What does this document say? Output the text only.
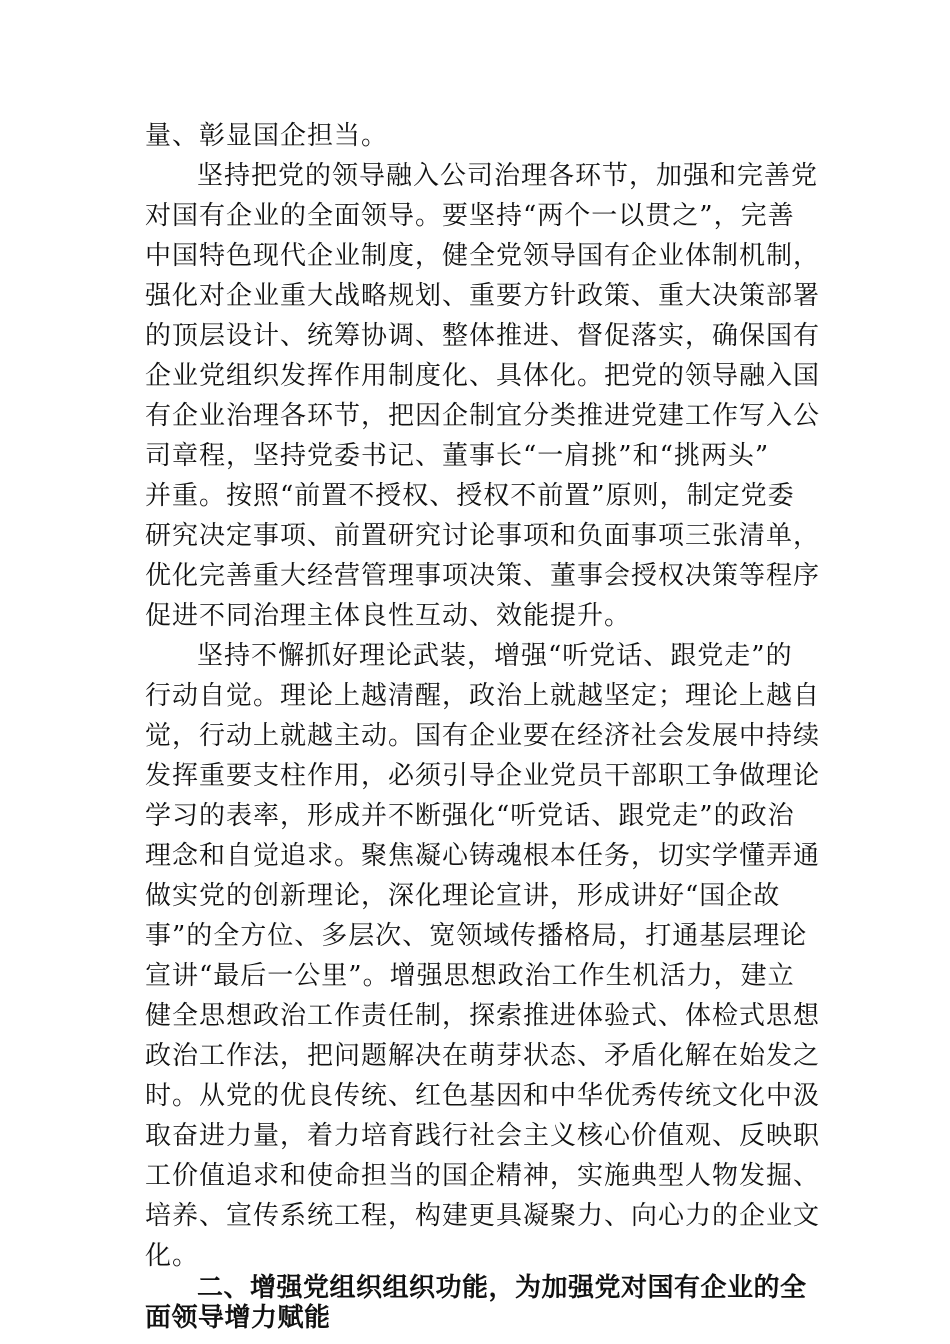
量、彰显国企担当。
坚持把党的领导融入公司治理各环节，加强和完善党
对国有企业的全面领导。要坚持“两个一以贯之”，完善
中国特色现代企业制度，健全党领导国有企业体制机制，
强化对企业重大战略规划、重要方针政策、重大决策部署
的顶层设计、统筹协调、整体推进、督促落实，确保国有
企业党组织发挥作用制度化、具体化。把党的领导融入国
有企业治理各环节，把因企制宜分类推进党建工作写入公
司章程，坚持党委书记、董事长“一肩挑”和“挑两头”
并重。按照“前置不授权、授权不前置”原则，制定党委
研究决定事项、前置研究讨论事项和负面事项三张清单，
优化完善重大经营管理事项决策、董事会授权决策等程序
促进不同治理主体良性互动、效能提升。
坚持不懈抓好理论武装，增强“听党话、跟党走”的
行动自觉。理论上越清醒，政治上就越坚定；理论上越自
觉，行动上就越主动。国有企业要在经济社会发展中持续
发挥重要支柱作用，必须引导企业党员干部职工争做理论
学习的表率，形成并不断强化“听党话、跟党走”的政治
理念和自觉追求。聚焦凝心铸魂根本任务，切实学懂弄通
做实党的创新理论，深化理论宣讲，形成讲好“国企故
事”的全方位、多层次、宽领域传播格局，打通基层理论
宣讲“最后一公里”。增强思想政治工作生机活力，建立
健全思想政治工作责任制，探索推进体验式、体检式思想
政治工作法，把问题解决在萌芽状态、矛盾化解在始发之
时。从党的优良传统、红色基因和中华优秀传统文化中汲
取奋进力量，着力培育践行社会主义核心价值观、反映职
工价值追求和使命担当的国企精神，实施典型人物发掘、
培养、宣传系统工程，构建更具凝聚力、向心力的企业文
化。
二、增强党组织组织功能，为加强党对国有企业的全
面领导增力赋能
